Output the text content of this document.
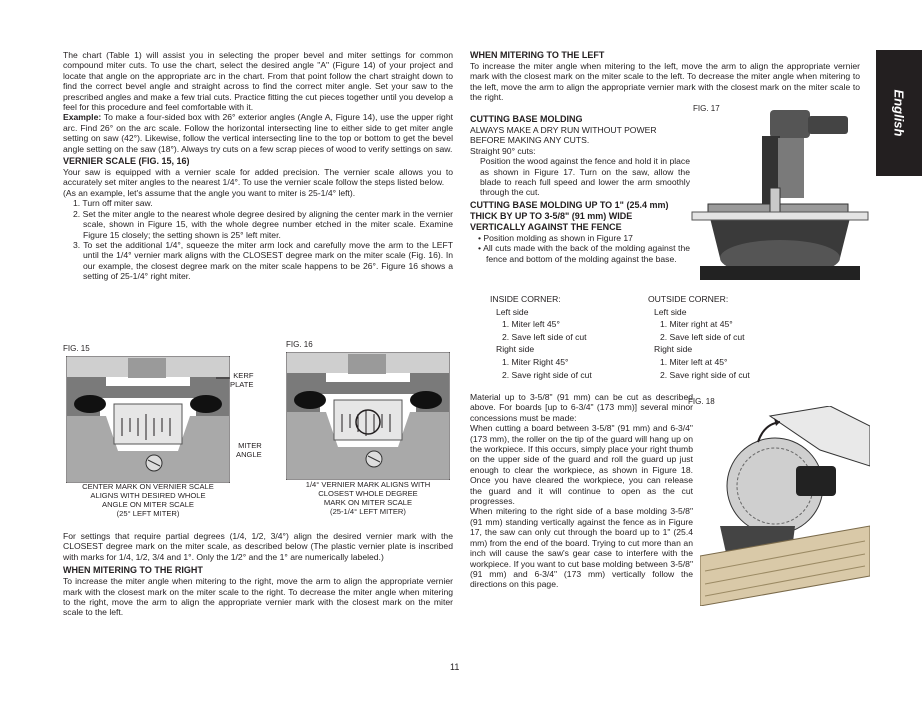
English

The chart (Table 1) will assist you in selecting the proper bevel and miter settings for common compound miter cuts. To use the chart, select the desired angle "A" (Figure 14) of your project and locate that angle on the appropriate arc in the chart. From that point follow the chart straight down to find the correct bevel angle and straight across to find the correct miter angle. Set your saw to the prescribed angles and make a few trial cuts. Practice fitting the cut pieces together until you develop a feel for this procedure and feel comfortable with it.

Example: To make a four-sided box with 26° exterior angles (Angle A, Figure 14), use the upper right arc. Find 26° on the arc scale. Follow the horizontal intersecting line to either side to get miter angle setting on saw (42°). Likewise, follow the vertical intersecting line to the top or bottom to get the bevel angle setting on the saw (18°). Always try cuts on a few scrap pieces of wood to verify settings on saw.

VERNIER SCALE (FIG. 15, 16)

Your saw is equipped with a vernier scale for added precision. The vernier scale allows you to accurately set miter angles to the nearest 1/4°. To use the vernier scale follow the steps listed below.

(As an example, let's assume that the angle you want to miter is 25-1/4° left).

1. Turn off miter saw.
2. Set the miter angle to the nearest whole degree desired by aligning the center mark in the vernier scale, shown in Figure 15, with the whole degree number etched in the miter scale. Examine Figure 15 closely; the setting shown is 25° left miter.
3. To set the additional 1/4°, squeeze the miter arm lock and carefully move the arm to the LEFT until the 1/4° vernier mark aligns with the CLOSEST degree mark on the miter scale (Fig. 16). In our example, the closest degree mark on the miter scale happens to be 26°. Figure 16 shows a setting of 25-1/4° right miter.
FIG. 15
KERF
PLATE
MITER
ANGLE
CENTER MARK ON VERNIER SCALE
ALIGNS WITH DESIRED WHOLE
ANGLE ON MITER SCALE
(25° LEFT MITER)
FIG. 16
1/4° VERNIER MARK ALIGNS WITH
CLOSEST WHOLE DEGREE
MARK ON MITER SCALE
(25-1/4° LEFT MITER)

For settings that require partial degrees (1/4, 1/2, 3/4°) align the desired vernier mark with the CLOSEST degree mark on the miter scale, as described below (The plastic vernier plate is inscribed with marks for 1/4, 1/2, 3/4 and 1°. Only the 1/2° and the 1° are numerically labeled.)

WHEN MITERING TO THE RIGHT

To increase the miter angle when mitering to the right, move the arm to align the appropriate vernier mark with the closest mark on the miter scale to the right. To decrease the miter angle when mitering to the right, move the arm to align the appropriate vernier mark with the closest mark on the miter scale to the left.

WHEN MITERING TO THE LEFT

To increase the miter angle when mitering to the left, move the arm to align the appropriate vernier mark with the closest mark on the miter scale to the left. To decrease the miter angle when mitering to the left, move the arm to align the appropriate vernier mark with the closest mark on the miter scale to the right.

FIG. 17
CUTTING BASE MOLDING

ALWAYS MAKE A DRY RUN WITHOUT POWER BEFORE MAKING ANY CUTS.

Straight 90° cuts:

Position the wood against the fence and hold it in place as shown in Figure 17. Turn on the saw, allow the blade to reach full speed and lower the arm smoothly through the cut.

CUTTING BASE MOLDING UP TO 1" (25.4 mm) THICK BY UP TO 3-5/8" (91 mm) WIDE VERTICALLY AGAINST THE FENCE
• Position molding as shown in Figure 17
• All cuts made with the back of the molding against the fence and bottom of the molding against the base.
INSIDE CORNER:
Left side
1. Miter left 45°
2. Save left side of cut
Right side
1. Miter Right 45°
2. Save right side of cut
OUTSIDE CORNER:
Left side
1. Miter right at 45°
2. Save left side of cut
Right side
1. Miter left at 45°
2. Save right side of cut

Material up to 3-5/8" (91 mm) can be cut as described above. For boards [up to 6-3/4" (173 mm)] several minor concessions must be made:

When cutting a board between 3-5/8" (91 mm) and 6-3/4" (173 mm), the roller on the tip of the guard will hang up on the workpiece. If this occurs, simply place your right thumb on the upper side of the guard and roll the guard up just enough to clear the workpiece, as shown in Figure 18. Once you have cleared the workpiece, you can release the guard and it will continue to open as the cut progresses.

When mitering to the right side of a base molding 3-5/8" (91 mm) standing vertically against the fence as in Figure 17, the saw can only cut through the board up to 1" (25.4 mm) from the end of the board. Trying to cut more than an inch will cause the saw's gear case to interfere with the workpiece. If you want to cut base molding between 3-5/8" (91 mm) and 6-3/4" (173 mm) vertically follow the directions on this page.

FIG. 18
11
